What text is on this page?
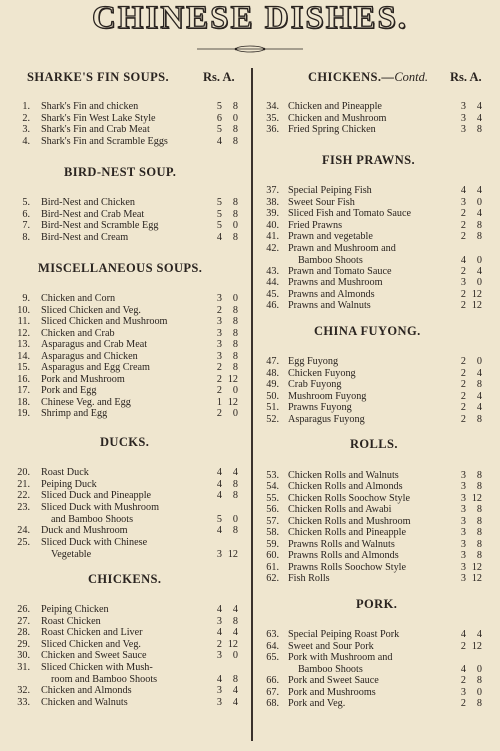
CHINESE DISHES.
SHARKE'S FIN SOUPS.	Rs. A.
1. Shark's Fin and chicken	5	8
2. Shark's Fin West Lake Style	6	0
3. Shark's Fin and Crab Meat	5	8
4. Shark's Fin and Scramble Eggs	4	8
BIRD-NEST SOUP.
5. Bird-Nest and Chicken	5	8
6. Bird-Nest and Crab Meat	5	8
7. Bird-Nest and Scramble Egg	5	0
8. Bird-Nest and Cream	4	8
MISCELLANEOUS SOUPS.
9. Chicken and Corn	3	0
10. Sliced Chicken and Veg.	2	8
11. Sliced Chicken and Mushroom	3	8
12. Chicken and Crab	3	8
13. Asparagus and Crab Meat	3	8
14. Asparagus and Chicken	3	8
15. Asparagus and Egg Cream	2	8
16. Pork and Mushroom	2 12
17. Pork and Egg	2	0
18. Chinese Veg. and Egg	1 12
19. Shrimp and Egg	2	0
DUCKS.
20. Roast Duck	4	4
21. Peiping Duck	4	8
22. Sliced Duck and Pineapple	4	8
23. Sliced Duck with Mushroom
and Bamboo Shoots	5	0
24. Duck and Mushroom	4	8
25. Sliced Duck with Chinese
Vegetable	3 12
CHICKENS.
26. Peiping Chicken	4	4
27. Roast Chicken	3	8
28. Roast Chicken and Liver	4	4
29. Sliced Chicken and Veg.	2 12
30. Chicken and Sweet Sauce	3	0
31. Sliced Chicken with Mush-
room and Bamboo Shoots	4	8
32. Chicken and Almonds	3	4
33. Chicken and Walnuts	3	4
CHICKENS.—Contd. Rs. A.
34. Chicken and Pineapple	3	4
35. Chicken and Mushroom	3	4
36. Fried Spring Chicken	3	8
FISH PRAWNS.
37. Special Peiping Fish	4	4
38. Sweet Sour Fish	3	0
39. Sliced Fish and Tomato Sauce	2	4
40. Fried Prawns	2	8
41. Prawn and vegetable	2	8
42. Prawn and Mushroom and
Bamboo Shoots	4	0
43. Prawn and Tomato Sauce	2	4
44. Prawns and Mushroom	3	0
45. Prawns and Almonds	2 12
46. Prawns and Walnuts	2 12
CHINA FUYONG.
47. Egg Fuyong	2	0
48. Chicken Fuyong	2	4
49. Crab Fuyong	2	8
50. Mushroom Fuyong	2	4
51. Prawns Fuyong	2	4
52. Asparagus Fuyong	2	8
ROLLS.
53. Chicken Rolls and Walnuts	3	8
54. Chicken Rolls and Almonds	3	8
55. Chicken Rolls Soochow Style	3 12
56. Chicken Rolls and Awabi	3	8
57. Chicken Rolls and Mushroom	3	8
58. Chicken Rolls and Pineapple	3	8
59. Prawns Rolls and Walnuts	3	8
60. Prawns Rolls and Almonds	3	8
61. Prawns Rolls Soochow Style	3 12
62. Fish Rolls	3 12
PORK.
63. Special Peiping Roast Pork	4	4
64. Sweet and Sour Pork	2 12
65. Pork with Mushroom and
Bamboo Shoots	4	0
66. Pork and Sweet Sauce	2	8
67. Pork and Mushrooms	3	0
68. Pork and Veg.	2	8
